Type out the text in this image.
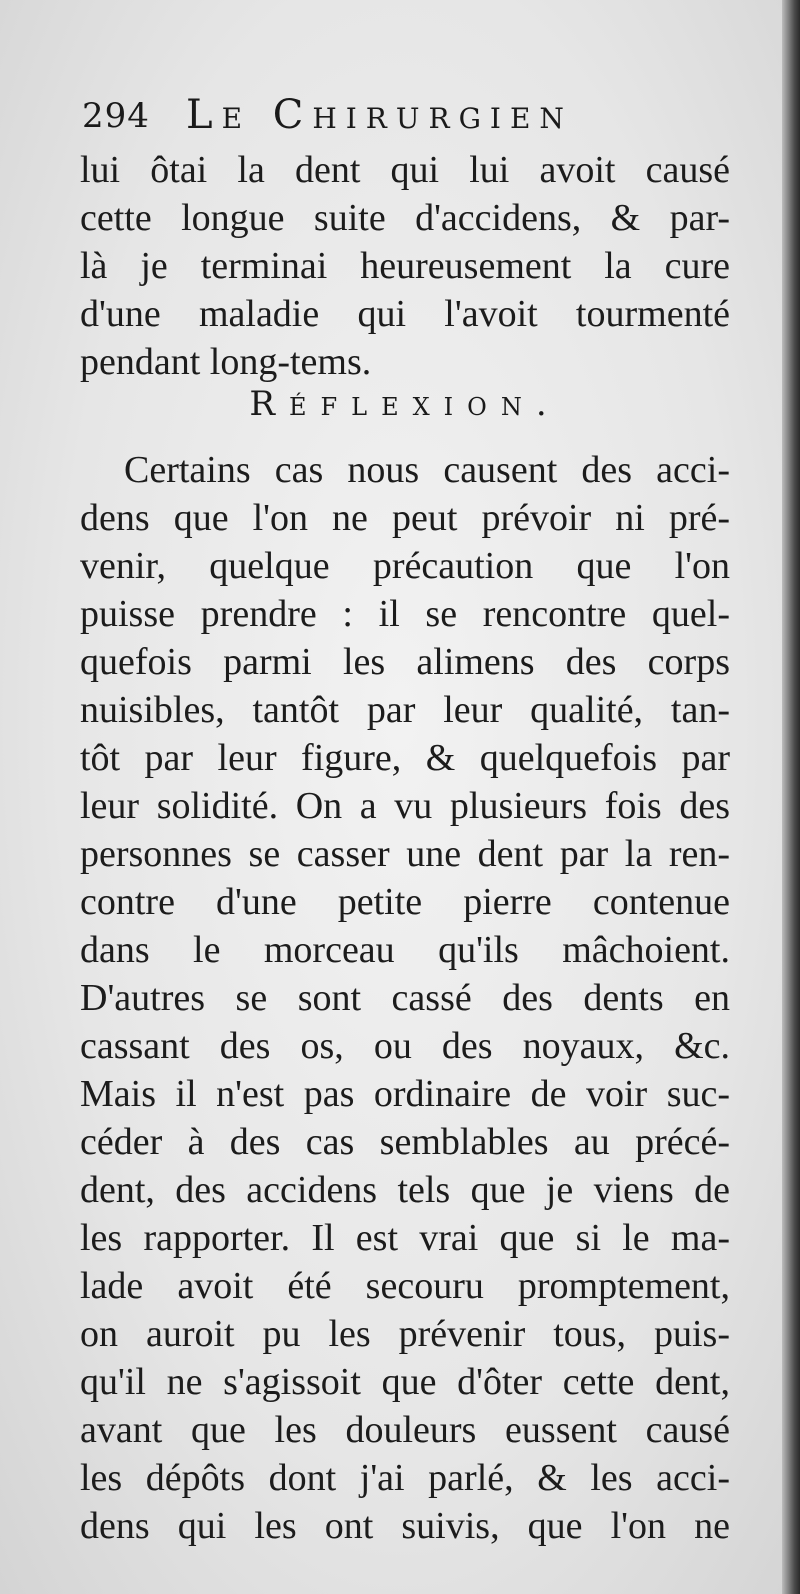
294 Le Chirurgien
lui ôtai la dent qui lui avoit causé
cette longue suite d'accidens, & par-
là je terminai heureusement la cure
d'une maladie qui l'avoit tourmenté
pendant long-tems.
Réflexion.
Certains cas nous causent des acci-
dens que l'on ne peut prévoir ni pré-
venir, quelque précaution que l'on
puisse prendre : il se rencontre quel-
quefois parmi les alimens des corps
nuisibles, tantôt par leur qualité, tan-
tôt par leur figure, & quelquefois par
leur solidité. On a vu plusieurs fois des
personnes se casser une dent par la ren-
contre d'une petite pierre contenue
dans le morceau qu'ils mâchoient.
D'autres se sont cassé des dents en
cassant des os, ou des noyaux, &c.
Mais il n'est pas ordinaire de voir suc-
céder à des cas semblables au précé-
dent, des accidens tels que je viens de
les rapporter. Il est vrai que si le ma-
lade avoit été secouru promptement,
on auroit pu les prévenir tous, puis-
qu'il ne s'agissoit que d'ôter cette dent,
avant que les douleurs eussent causé
les dépôts dont j'ai parlé, & les acci-
dens qui les ont suivis, que l'on ne
